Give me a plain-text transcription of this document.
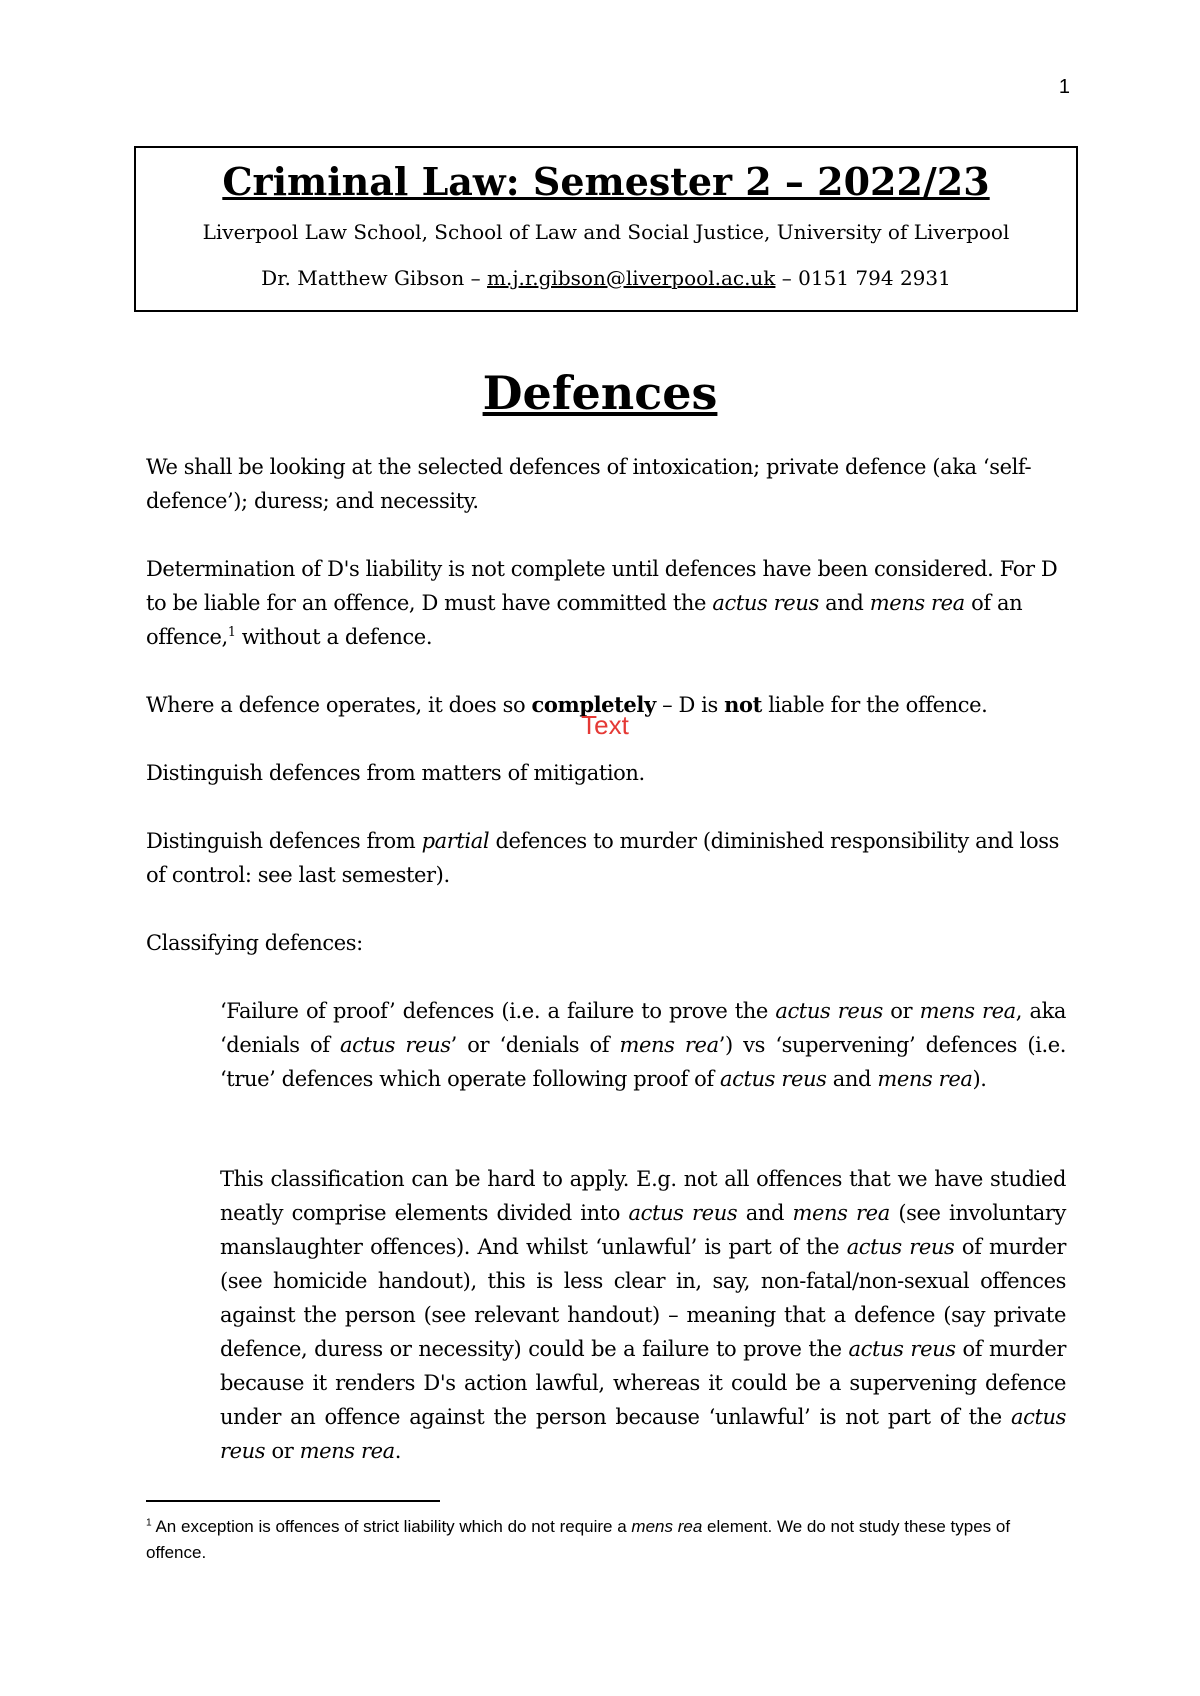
1

Criminal Law: Semester 2 – 2022/23

Liverpool Law School, School of Law and Social Justice, University of Liverpool

Dr. Matthew Gibson – m.j.r.gibson@liverpool.ac.uk – 0151 794 2931

Defences

We shall be looking at the selected defences of intoxication; private defence (aka ‘self-defence’); duress; and necessity.

Determination of D's liability is not complete until defences have been considered. For D to be liable for an offence, D must have committed the actus reus and mens rea of an offence,$^1$ without a defence.

Where a defence operates, it does so completely – D is not liable for the offence.

Text

Distinguish defences from matters of mitigation.

Distinguish defences from partial defences to murder (diminished responsibility and loss of control: see last semester).

Classifying defences:

‘Failure of proof’ defences (i.e. a failure to prove the actus reus or mens rea, aka ‘denials of actus reus’ or ‘denials of mens rea’) vs ‘supervening’ defences (i.e. ‘true’ defences which operate following proof of actus reus and mens rea).

This classification can be hard to apply. E.g. not all offences that we have studied neatly comprise elements divided into actus reus and mens rea (see involuntary manslaughter offences). And whilst ‘unlawful’ is part of the actus reus of murder (see homicide handout), this is less clear in, say, non-fatal/non-sexual offences against the person (see relevant handout) – meaning that a defence (say private defence, duress or necessity) could be a failure to prove the actus reus of murder because it renders D's action lawful, whereas it could be a supervening defence under an offence against the person because ‘unlawful’ is not part of the actus reus or mens rea.

$^1$ An exception is offences of strict liability which do not require a mens rea element. We do not study these types of offence.
